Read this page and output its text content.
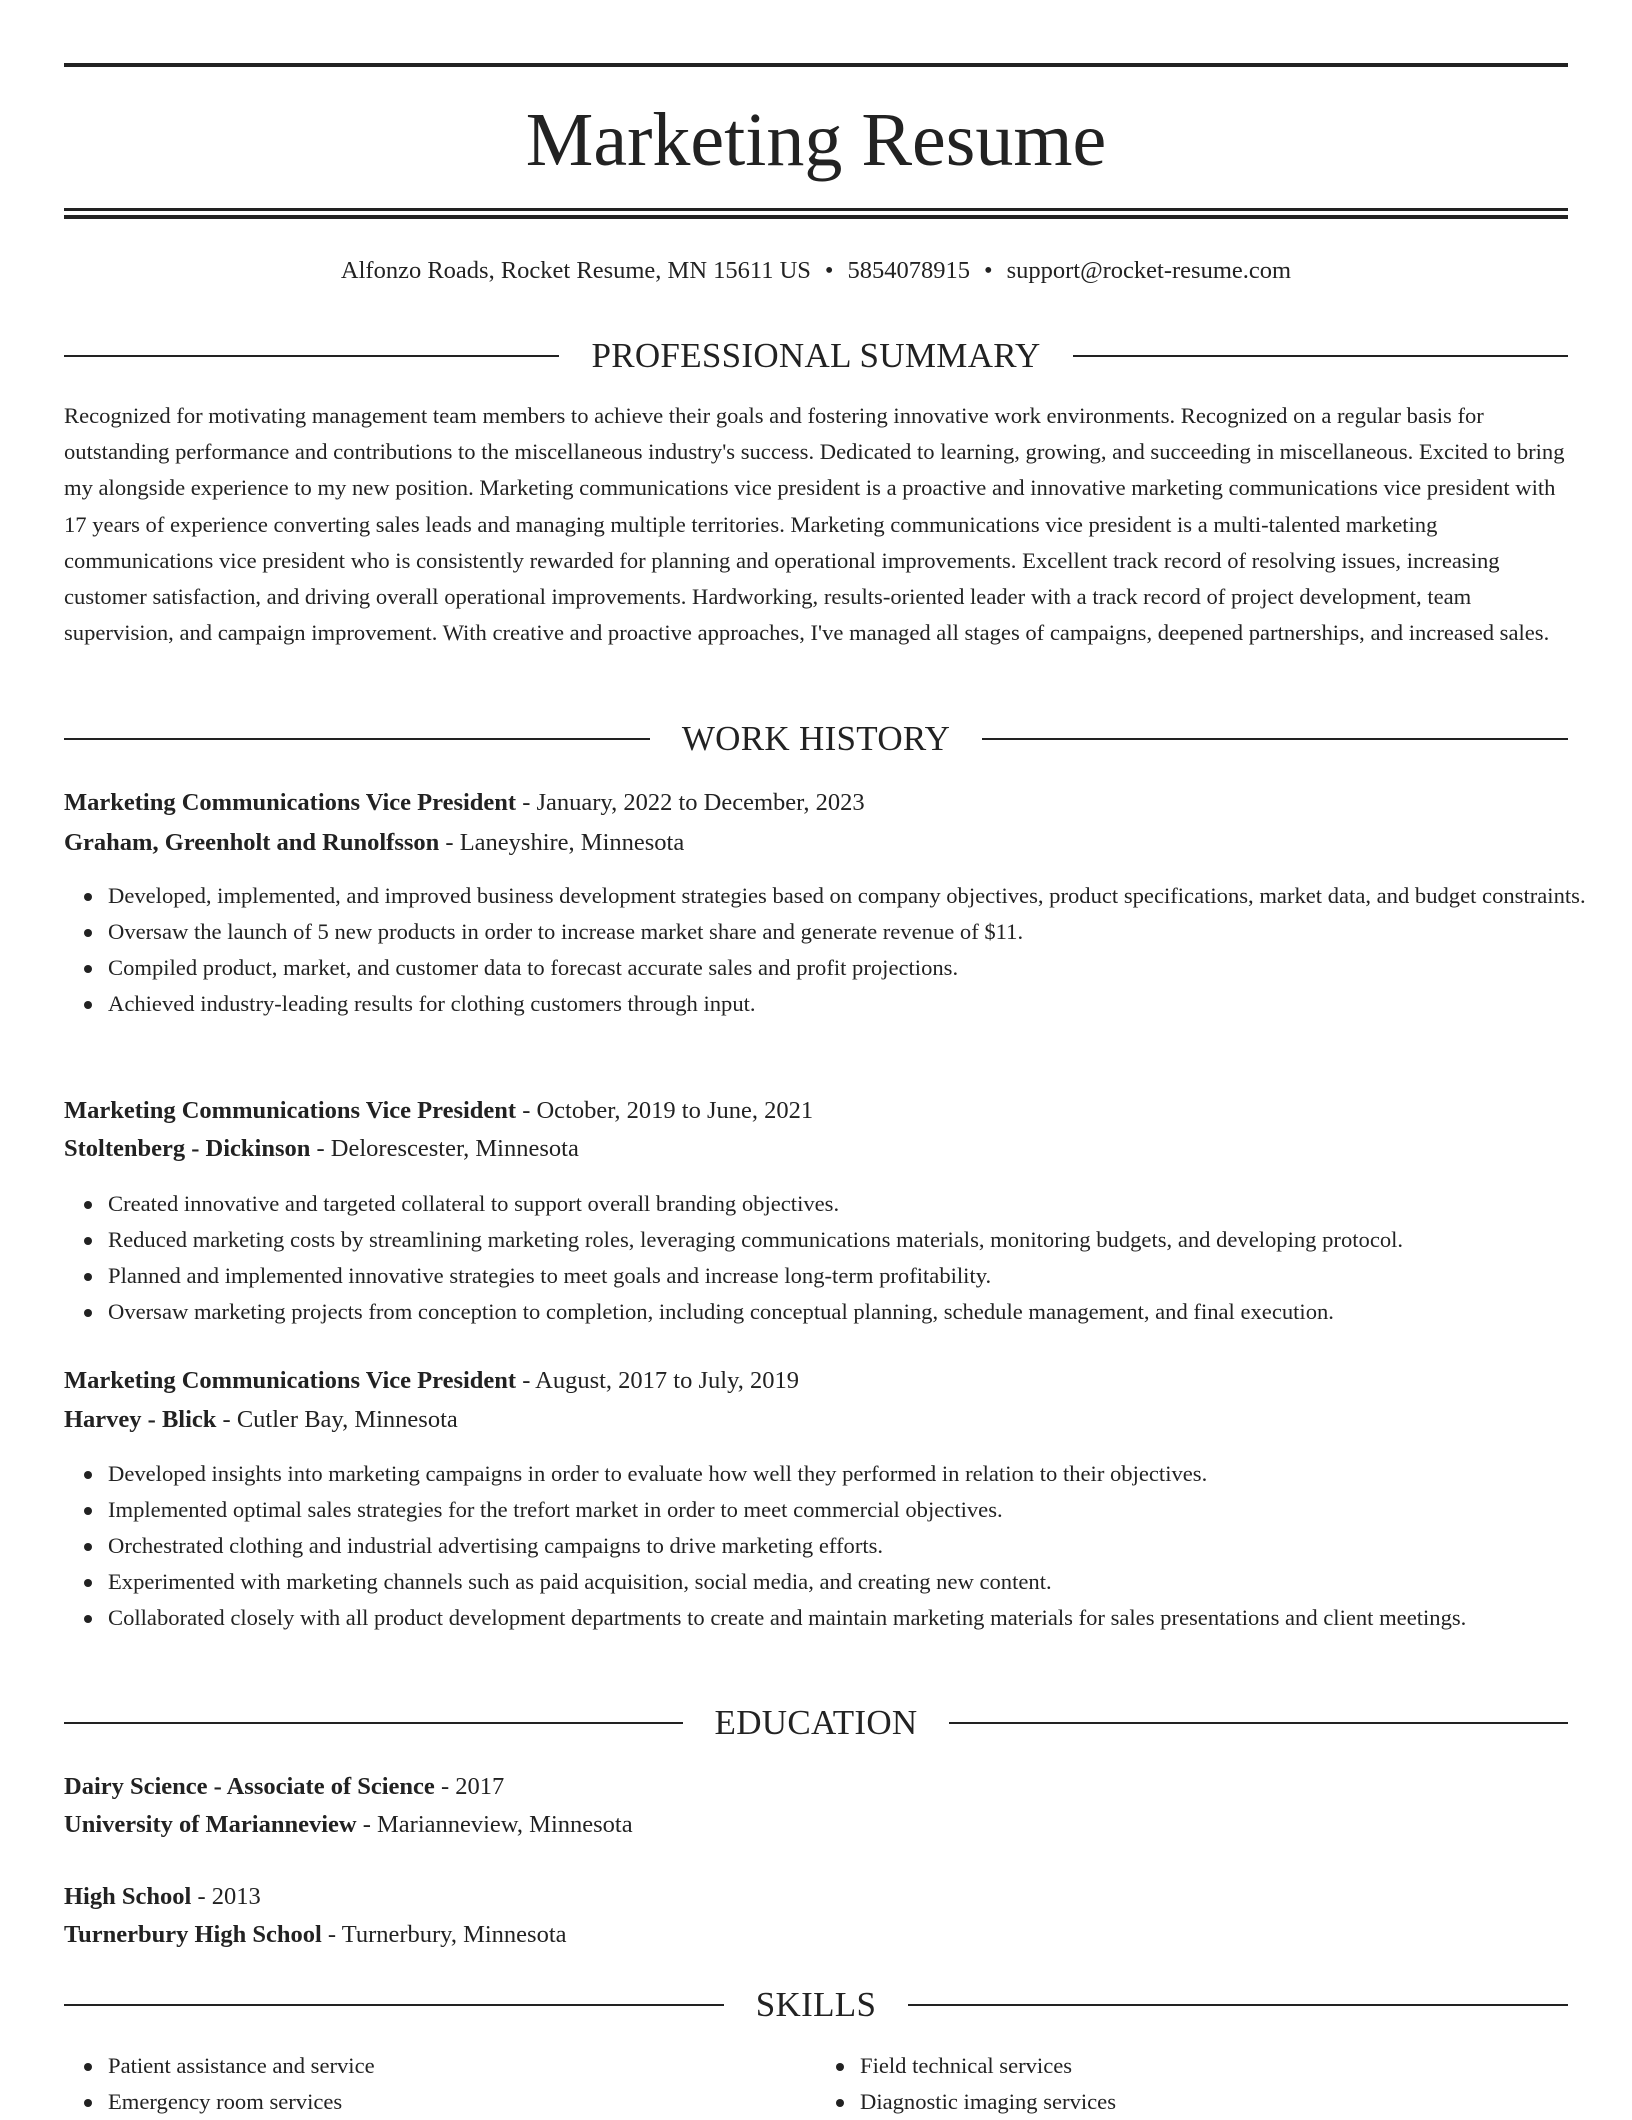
Marketing Resume
Alfonzo Roads, Rocket Resume, MN 15611 US • 5854078915 • support@rocket-resume.com
PROFESSIONAL SUMMARY

Recognized for motivating management team members to achieve their goals and fostering innovative work environments. Recognized on a regular basis for outstanding performance and contributions to the miscellaneous industry's success. Dedicated to learning, growing, and succeeding in miscellaneous. Excited to bring my alongside experience to my new position. Marketing communications vice president is a proactive and innovative marketing communications vice president with 17 years of experience converting sales leads and managing multiple territories. Marketing communications vice president is a multi-talented marketing communications vice president who is consistently rewarded for planning and operational improvements. Excellent track record of resolving issues, increasing customer satisfaction, and driving overall operational improvements. Hardworking, results-oriented leader with a track record of project development, team supervision, and campaign improvement. With creative and proactive approaches, I've managed all stages of campaigns, deepened partnerships, and increased sales.

WORK HISTORY
Marketing Communications Vice President - January, 2022 to December, 2023
Graham, Greenholt and Runolfsson - Laneyshire, Minnesota
Developed, implemented, and improved business development strategies based on company objectives, product specifications, market data, and budget constraints.
Oversaw the launch of 5 new products in order to increase market share and generate revenue of $11.
Compiled product, market, and customer data to forecast accurate sales and profit projections.
Achieved industry-leading results for clothing customers through input.
Marketing Communications Vice President - October, 2019 to June, 2021
Stoltenberg - Dickinson - Delorescester, Minnesota
Created innovative and targeted collateral to support overall branding objectives.
Reduced marketing costs by streamlining marketing roles, leveraging communications materials, monitoring budgets, and developing protocol.
Planned and implemented innovative strategies to meet goals and increase long-term profitability.
Oversaw marketing projects from conception to completion, including conceptual planning, schedule management, and final execution.
Marketing Communications Vice President - August, 2017 to July, 2019
Harvey - Blick - Cutler Bay, Minnesota
Developed insights into marketing campaigns in order to evaluate how well they performed in relation to their objectives.
Implemented optimal sales strategies for the trefort market in order to meet commercial objectives.
Orchestrated clothing and industrial advertising campaigns to drive marketing efforts.
Experimented with marketing channels such as paid acquisition, social media, and creating new content.
Collaborated closely with all product development departments to create and maintain marketing materials for sales presentations and client meetings.
EDUCATION
Dairy Science - Associate of Science - 2017
University of Marianneview - Marianneview, Minnesota
High School - 2013
Turnerbury High School - Turnerbury, Minnesota
SKILLS
Patient assistance and service
Emergency room services
Field technical services
Diagnostic imaging services
